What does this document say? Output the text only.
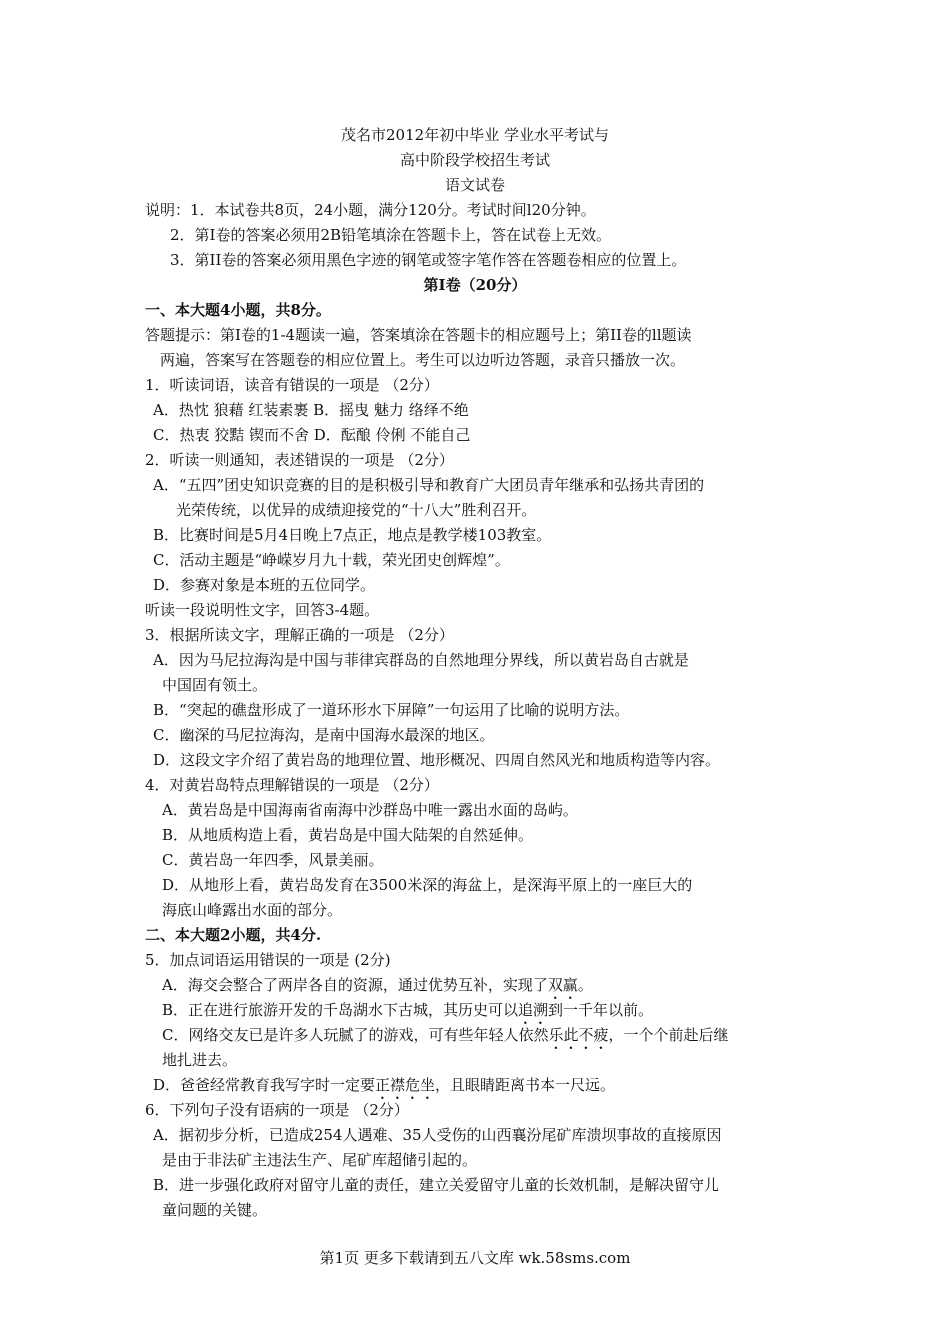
茂名市2012年初中毕业 学业水平考试与
高中阶段学校招生考试
语文试卷
说明：1．本试卷共8页，24小题，满分120分。考试时间l20分钟。
2．第I卷的答案必须用2B铅笔填涂在答题卡上，答在试卷上无效。
3．第II卷的答案必须用黑色字迹的钢笔或签字笔作答在答题卷相应的位置上。
第I卷（20分）
一、本大题4小题，共8分。
答题提示：第I卷的1-4题读一遍，答案填涂在答题卡的相应题号上；第II卷的ll题读
两遍，答案写在答题卷的相应位置上。考生可以边听边答题，录音只播放一次。
1．听读词语，读音有错误的一项是 （2分）
A．热忱 狼藉 红装素裹 B．摇曳 魅力 络绎不绝
C．热衷 狡黠 锲而不舍 D．酝酿 伶俐 不能自己
2．听读一则通知，表述错误的一项是 （2分）
A．“五四”团史知识竞赛的目的是积极引导和教育广大团员青年继承和弘扬共青团的
光荣传统，以优异的成绩迎接党的“十八大”胜利召开。
B．比赛时间是5月4日晚上7点正，地点是教学楼103教室。
C．活动主题是“峥嵘岁月九十载，荣光团史创辉煌”。
D．参赛对象是本班的五位同学。
听读一段说明性文字，回答3-4题。
3．根据所读文字，理解正确的一项是 （2分）
A．因为马尼拉海沟是中国与菲律宾群岛的自然地理分界线，所以黄岩岛自古就是
中国固有领土。
B．“突起的礁盘形成了一道环形水下屏障”一句运用了比喻的说明方法。
C．幽深的马尼拉海沟，是南中国海水最深的地区。
D．这段文字介绍了黄岩岛的地理位置、地形概况、四周自然风光和地质构造等内容。
4．对黄岩岛特点理解错误的一项是 （2分）
A．黄岩岛是中国海南省南海中沙群岛中唯一露出水面的岛屿。
B．从地质构造上看，黄岩岛是中国大陆架的自然延伸。
C．黄岩岛一年四季，风景美丽。
D．从地形上看，黄岩岛发育在3500米深的海盆上，是深海平原上的一座巨大的
海底山峰露出水面的部分。
二、本大题2小题，共4分.
5．加点词语运用错误的一项是 (2分)
A．海交会整合了两岸各自的资源，通过优势互补，实现了双赢。
B．正在进行旅游开发的千岛湖水下古城，其历史可以追溯到一千年以前。
C．网络交友已是许多人玩腻了的游戏，可有些年轻人依然乐此不疲，一个个前赴后继
地扎进去。
D．爸爸经常教育我写字时一定要正襟危坐，且眼睛距离书本一尺远。
6．下列句子没有语病的一项是 （2分）
A．据初步分析，已造成254人遇难、35人受伤的山西襄汾尾矿库溃坝事故的直接原因
是由于非法矿主违法生产、尾矿库超储引起的。
B．进一步强化政府对留守儿童的责任，建立关爱留守儿童的长效机制，是解决留守儿
童问题的关键。
第1页 更多下载请到五八文库 wk.58sms.com
